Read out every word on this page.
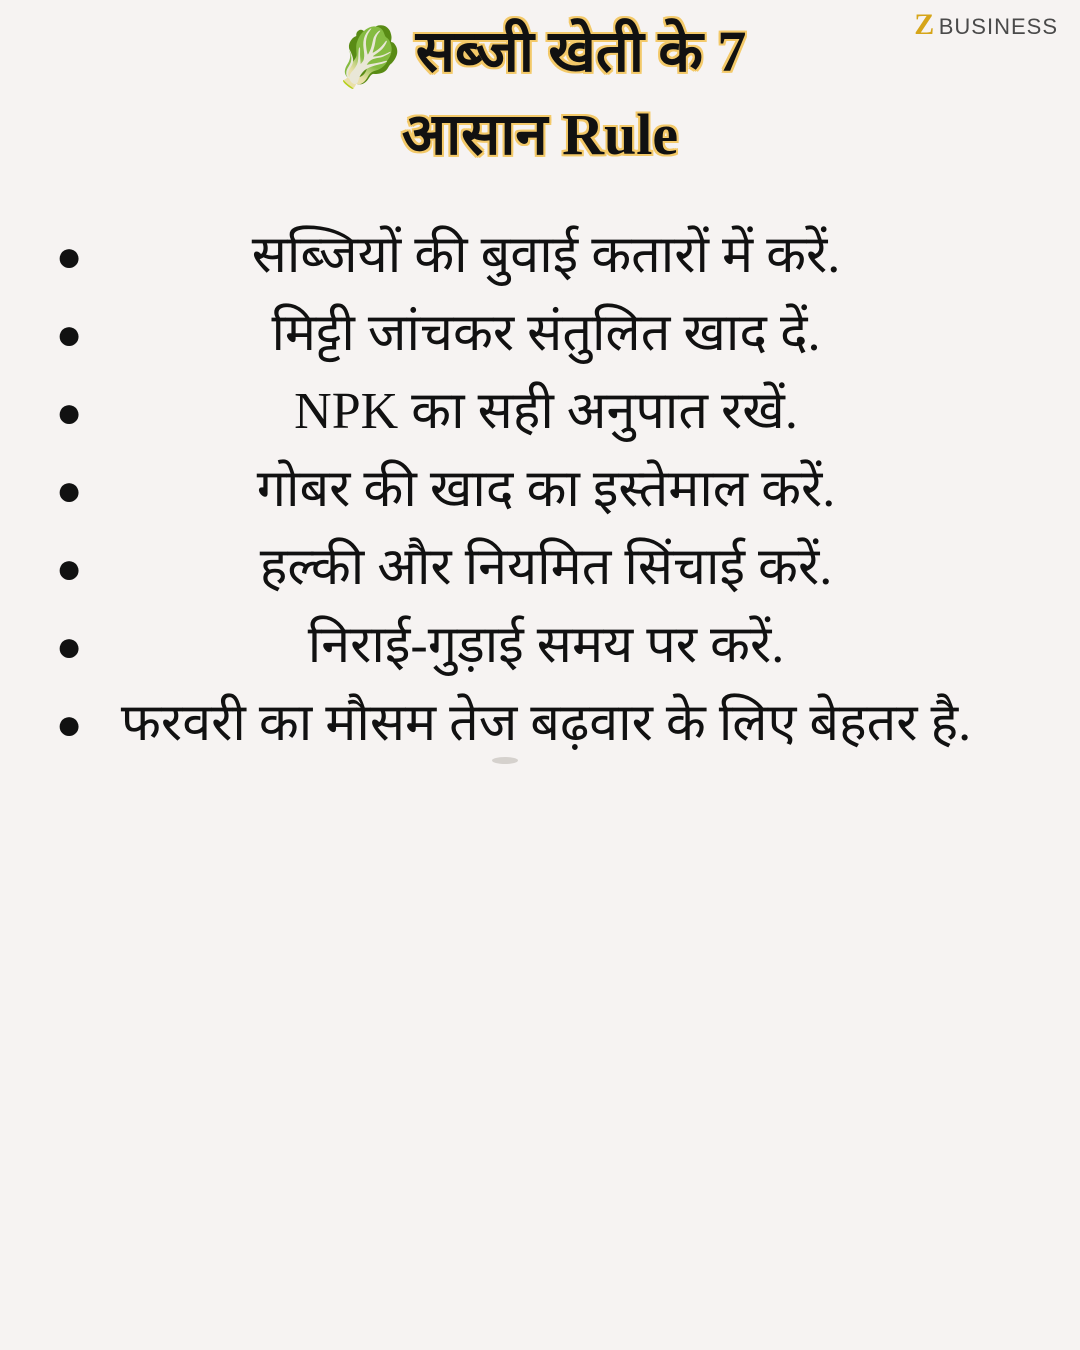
Z BUSINESS
🥬 सब्जी खेती के 7
आसान Rule
●	सब्जियों की बुवाई कतारों में करें.
●	मिट्टी जांचकर संतुलित खाद दें.
●	NPK का सही अनुपात रखें.
●	गोबर की खाद का इस्तेमाल करें.
●	हल्की और नियमित सिंचाई करें.
●	निराई-गुड़ाई समय पर करें.
● फरवरी का मौसम तेज बढ़वार के लिए बेहतर है.
